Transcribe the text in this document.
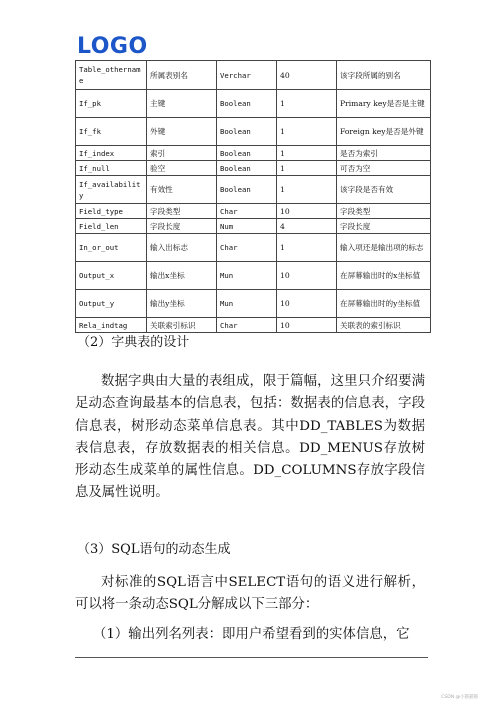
LOGO
Table_othername	所属表别名	Verchar	40	该字段所属的别名
If_pk	主键	Boolean	1	Primary key是否是主键
If_fk	外键	Boolean	1	Foreign key是否是外键
If_index	索引	Boolean	1	是否为索引
If_null	验空	Boolean	1	可否为空
If_availability	有效性	Boolean	1	该字段是否有效
Field_type	字段类型	Char	10	字段类型
Field_len	字段长度	Num	4	字段长度
In_or_out	输入出标志	Char	1	输入项还是输出项的标志
Output_x	输出x坐标	Mun	10	在屏幕输出时的x坐标值
Output_y	输出y坐标	Mun	10	在屏幕输出时的y坐标值
Rela_indtag	关联索引标识	Char	10	关联表的索引标识
（2）字典表的设计
数据字典由大量的表组成，限于篇幅，这里只介绍要满足动态查询最基本的信息表，包括：数据表的信息表，字段信息表，树形动态菜单信息表。其中DD_TABLES为数据表信息表，存放数据表的相关信息。DD_MENUS存放树形动态生成菜单的属性信息。DD_COLUMNS存放字段信息及属性说明。
（3）SQL语句的动态生成
对标准的SQL语言中SELECT语句的语义进行解析，可以将一条动态SQL分解成以下三部分：
（1）输出列名列表：即用户希望看到的实体信息，它
CSDN @小猫猫猫
